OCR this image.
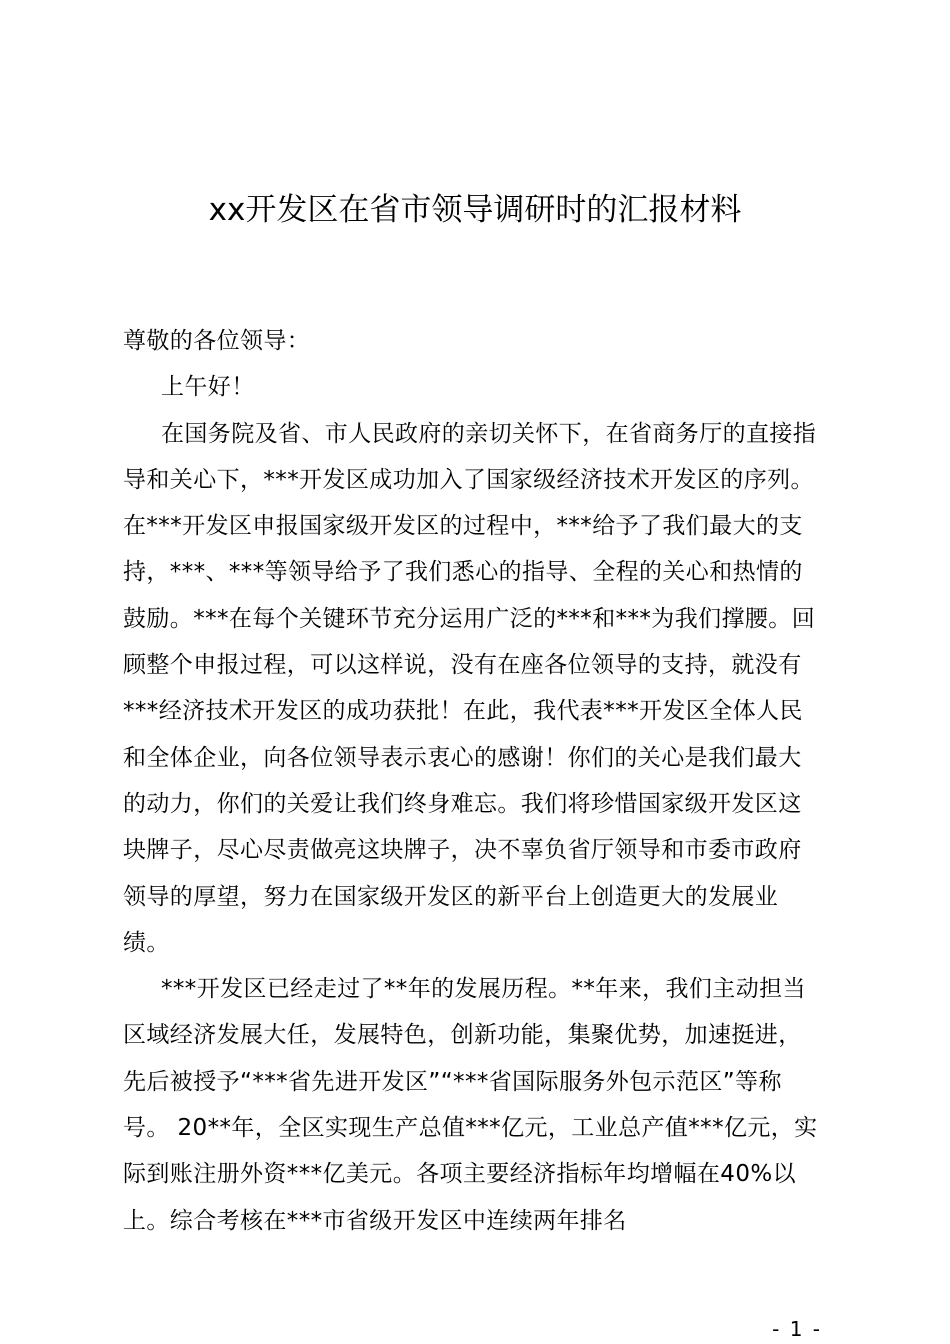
xx开发区在省市领导调研时的汇报材料

尊敬的各位领导：

上午好！

在国务院及省、市人民政府的亲切关怀下，在省商务厅的直接指导和关心下，***开发区成功加入了国家级经济技术开发区的序列。在***开发区申报国家级开发区的过程中，***给予了我们最大的支持，***、***等领导给予了我们悉心的指导、全程的关心和热情的鼓励。***在每个关键环节充分运用广泛的***和***为我们撑腰。回顾整个申报过程，可以这样说，没有在座各位领导的支持，就没有***经济技术开发区的成功获批！在此，我代表***开发区全体人民和全体企业，向各位领导表示衷心的感谢！你们的关心是我们最大的动力，你们的关爱让我们终身难忘。我们将珍惜国家级开发区这块牌子，尽心尽责做亮这块牌子，决不辜负省厅领导和市委市政府领导的厚望，努力在国家级开发区的新平台上创造更大的发展业绩。

***开发区已经走过了**年的发展历程。**年来，我们主动担当区域经济发展大任，发展特色，创新功能，集聚优势，加速挺进，先后被授予“***省先进开发区”“***省国际服务外包示范区”等称号。 20**年，全区实现生产总值***亿元，工业总产值***亿元，实际到账注册外资***亿美元。各项主要经济指标年均增幅在40%以上。综合考核在***市省级开发区中连续两年排名

- 1 -
